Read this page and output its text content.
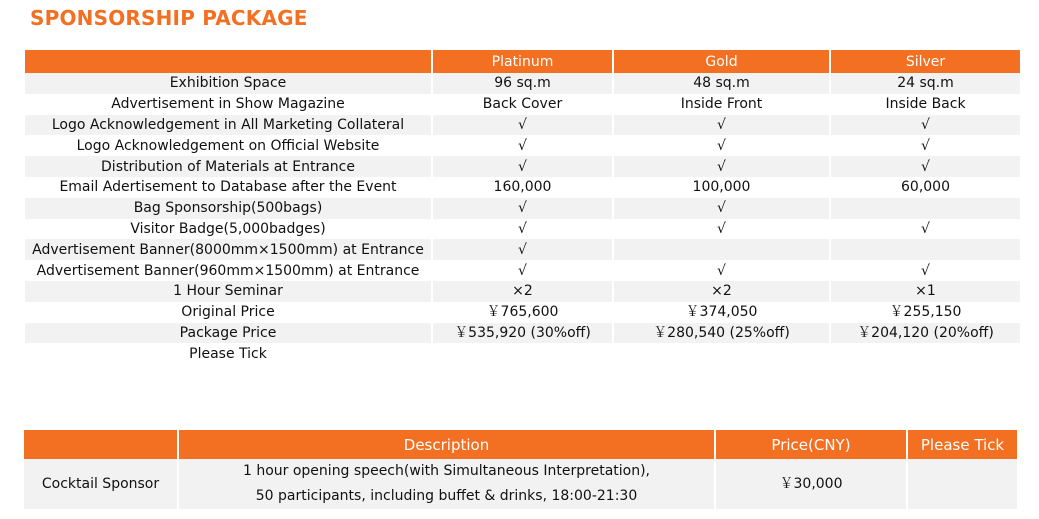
SPONSORSHIP PACKAGE
	Platinum	Gold	Silver
Exhibition Space	96 sq.m	48 sq.m	24 sq.m
Advertisement in Show Magazine	Back Cover	Inside Front	Inside Back
Logo Acknowledgement in All Marketing Collateral	√	√	√
Logo Acknowledgement on Official Website	√	√	√
Distribution of Materials at Entrance	√	√	√
Email Adertisement to Database after the Event	160,000	100,000	60,000
Bag Sponsorship(500bags)	√	√	
Visitor Badge(5,000badges)	√	√	√
Advertisement Banner(8000mm×1500mm) at Entrance	√		
Advertisement Banner(960mm×1500mm) at Entrance	√	√	√
1 Hour Seminar	×2	×2	×1
Original Price	￥765,600	￥374,050	￥255,150
Package Price	￥535,920 (30%off)	￥280,540 (25%off)	￥204,120 (20%off)
Please Tick			
	Description	Price(CNY)	Please Tick
Cocktail Sponsor	1 hour opening speech(with Simultaneous Interpretation),
50 participants, including buffet & drinks, 18:00-21:30	￥30,000	
